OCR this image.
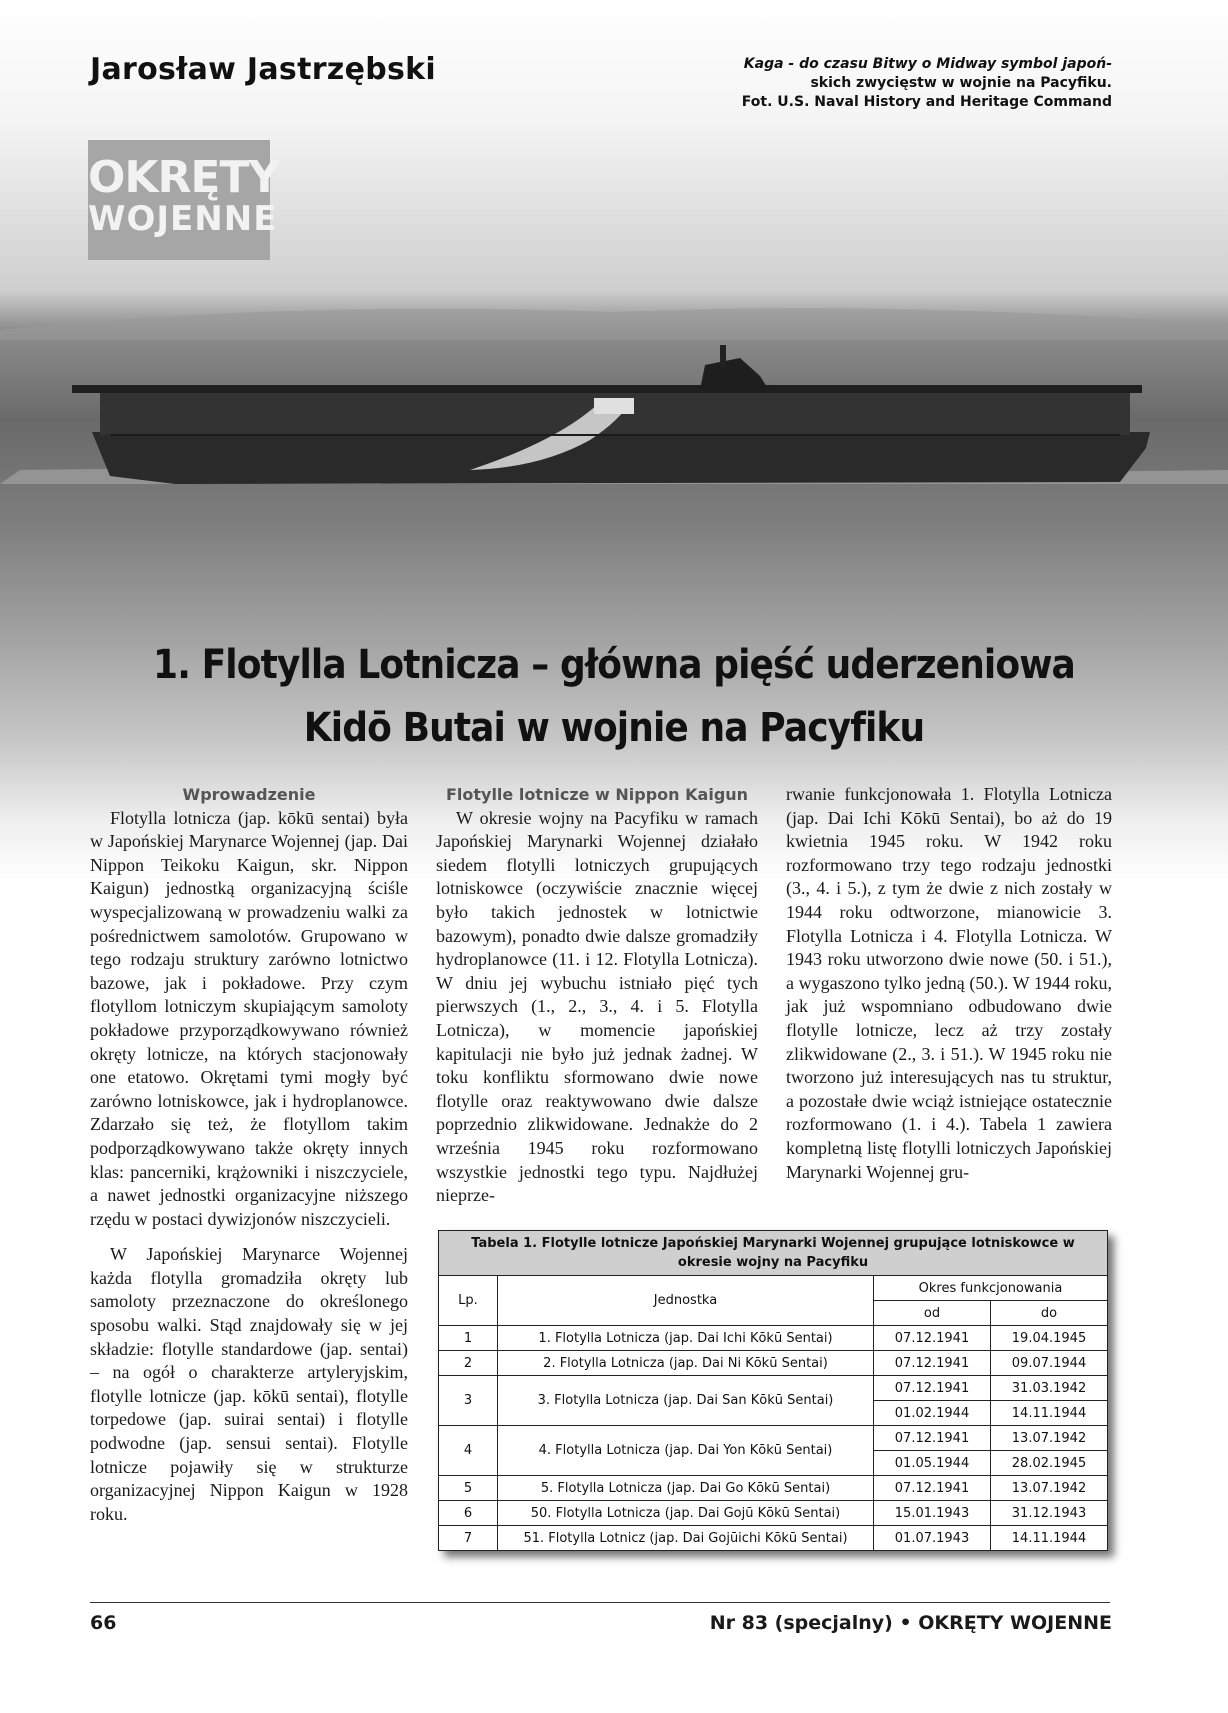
Jarosław Jastrzębski	Kaga - do czasu Bitwy o Midway symbol japoń-
skich zwycięstw w wojnie na Pacyfiku.
Fot. U.S. Naval History and Heritage Command
OKRĘTY
WOJENNE
1. Flotylla Lotnicza – główna pięść uderzeniowa
Kidō Butai w wojnie na Pacyfiku
Wprowadzenie
Flotylla lotnicza (jap. kōkū sentai) była w Japońskiej Marynarce Wojennej (jap. Dai Nippon Teikoku Kaigun, skr. Nippon Kaigun) jednostką organizacyjną ściśle wyspecjalizowaną w prowadzeniu walki za pośrednictwem samolotów. Grupowano w tego rodzaju struktury zarówno lotnictwo bazowe, jak i pokładowe. Przy czym flotyllom lotniczym skupiającym samoloty pokładowe przyporządkowywano również okręty lotnicze, na których stacjonowały one etatowo. Okrętami tymi mogły być zarówno lotniskowce, jak i hydroplanowce. Zdarzało się też, że flotyllom takim podporządkowywano także okręty innych klas: pancerniki, krążowniki i niszczyciele, a nawet jednostki organizacyjne niższego rzędu w postaci dywizjonów niszczycieli.
W Japońskiej Marynarce Wojennej każda flotylla gromadziła okręty lub samoloty przeznaczone do określonego sposobu walki. Stąd znajdowały się w jej składzie: flotylle standardowe (jap. sentai) – na ogół o charakterze artyleryjskim, flotylle lotnicze (jap. kōkū sentai), flotylle torpedowe (jap. suirai sentai) i flotylle podwodne (jap. sensui sentai). Flotylle lotnicze pojawiły się w strukturze organizacyjnej Nippon Kaigun w 1928 roku.
Flotylle lotnicze w Nippon Kaigun
W okresie wojny na Pacyfiku w ramach Japońskiej Marynarki Wojennej działało siedem flotylli lotniczych grupujących lotniskowce (oczywiście znacznie więcej było takich jednostek w lotnictwie bazowym), ponadto dwie dalsze gromadziły hydroplanowce (11. i 12. Flotylla Lotnicza). W dniu jej wybuchu istniało pięć tych pierwszych (1., 2., 3., 4. i 5. Flotylla Lotnicza), w momencie japońskiej kapitulacji nie było już jednak żadnej. W toku konfliktu sformowano dwie nowe flotylle oraz reaktywowano dwie dalsze poprzednio zlikwidowane. Jednakże do 2 września 1945 roku rozformowano wszystkie jednostki tego typu. Najdłużej nieprze-
rwanie funkcjonowała 1. Flotylla Lotnicza (jap. Dai Ichi Kōkū Sentai), bo aż do 19 kwietnia 1945 roku. W 1942 roku rozformowano trzy tego rodzaju jednostki (3., 4. i 5.), z tym że dwie z nich zostały w 1944 roku odtworzone, mianowicie 3. Flotylla Lotnicza i 4. Flotylla Lotnicza. W 1943 roku utworzono dwie nowe (50. i 51.), a wygaszono tylko jedną (50.). W 1944 roku, jak już wspomniano odbudowano dwie flotylle lotnicze, lecz aż trzy zostały zlikwidowane (2., 3. i 51.). W 1945 roku nie tworzono już interesujących nas tu struktur, a pozostałe dwie wciąż istniejące ostatecznie rozformowano (1. i 4.). Tabela 1 zawiera kompletną listę flotylli lotniczych Japońskiej Marynarki Wojennej gru-
Tabela 1. Flotylle lotnicze Japońskiej Marynarki Wojennej grupujące lotniskowce w okresie wojny na Pacyfiku			
Lp.	Jednostka	Okres funkcjonowania	
		od	do
1	1. Flotylla Lotnicza (jap. Dai Ichi Kōkū Sentai)	07.12.1941	19.04.1945
2	2. Flotylla Lotnicza (jap. Dai Ni Kōkū Sentai)	07.12.1941	09.07.1944
3	3. Flotylla Lotnicza (jap. Dai San Kōkū Sentai)	07.12.1941	31.03.1942
		01.02.1944	14.11.1944
4	4. Flotylla Lotnicza (jap. Dai Yon Kōkū Sentai)	07.12.1941	13.07.1942
		01.05.1944	28.02.1945
5	5. Flotylla Lotnicza (jap. Dai Go Kōkū Sentai)	07.12.1941	13.07.1942
6	50. Flotylla Lotnicza (jap. Dai Gojū Kōkū Sentai)	15.01.1943	31.12.1943
7	51. Flotylla Lotnicz (jap. Dai Gojūichi Kōkū Sentai)	01.07.1943	14.11.1944
66	Nr 83 (specjalny) • OKRĘTY WOJENNE
